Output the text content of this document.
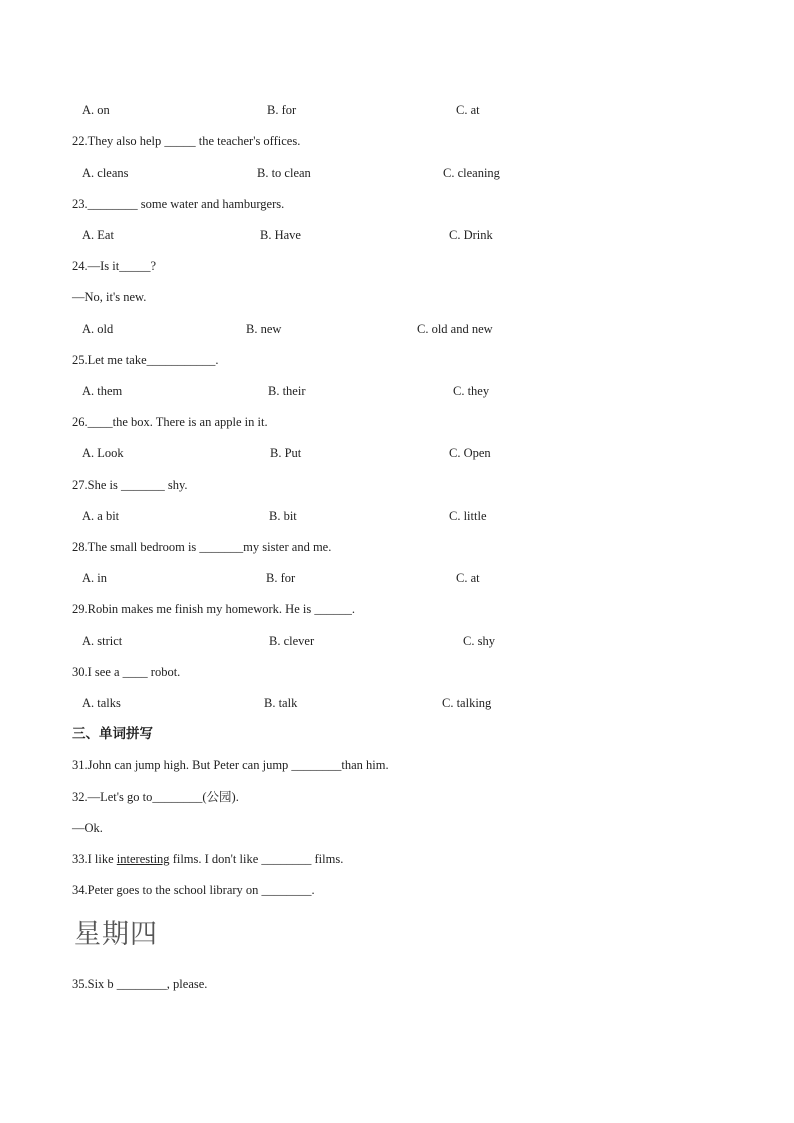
A. on	B. for	C. at
22.They also help _____ the teacher's offices.
A. cleans	B. to clean	C. cleaning
23.________ some water and hamburgers.
A. Eat	B. Have	C. Drink
24.—Is it_____?
—No, it's new.
A. old	B. new	C. old and new
25.Let me take___________.
A. them	B. their	C. they
26.____the box. There is an apple in it.
A. Look	B. Put	C. Open
27.She is _______ shy.
A. a bit	B. bit	C. little
28.The small bedroom is _______my sister and me.
A. in	B. for	C. at
29.Robin makes me finish my homework. He is ______.
A. strict	B. clever	C. shy
30.I see a ____ robot.
A. talks	B. talk	C. talking
三、单词拼写
31.John can jump high. But Peter can jump ________than him.
32.—Let's go to________(公园).
—Ok.
33.I like interesting films. I don't like ________ films.
34.Peter goes to the school library on ________.
星期四
35.Six b ________, please.
